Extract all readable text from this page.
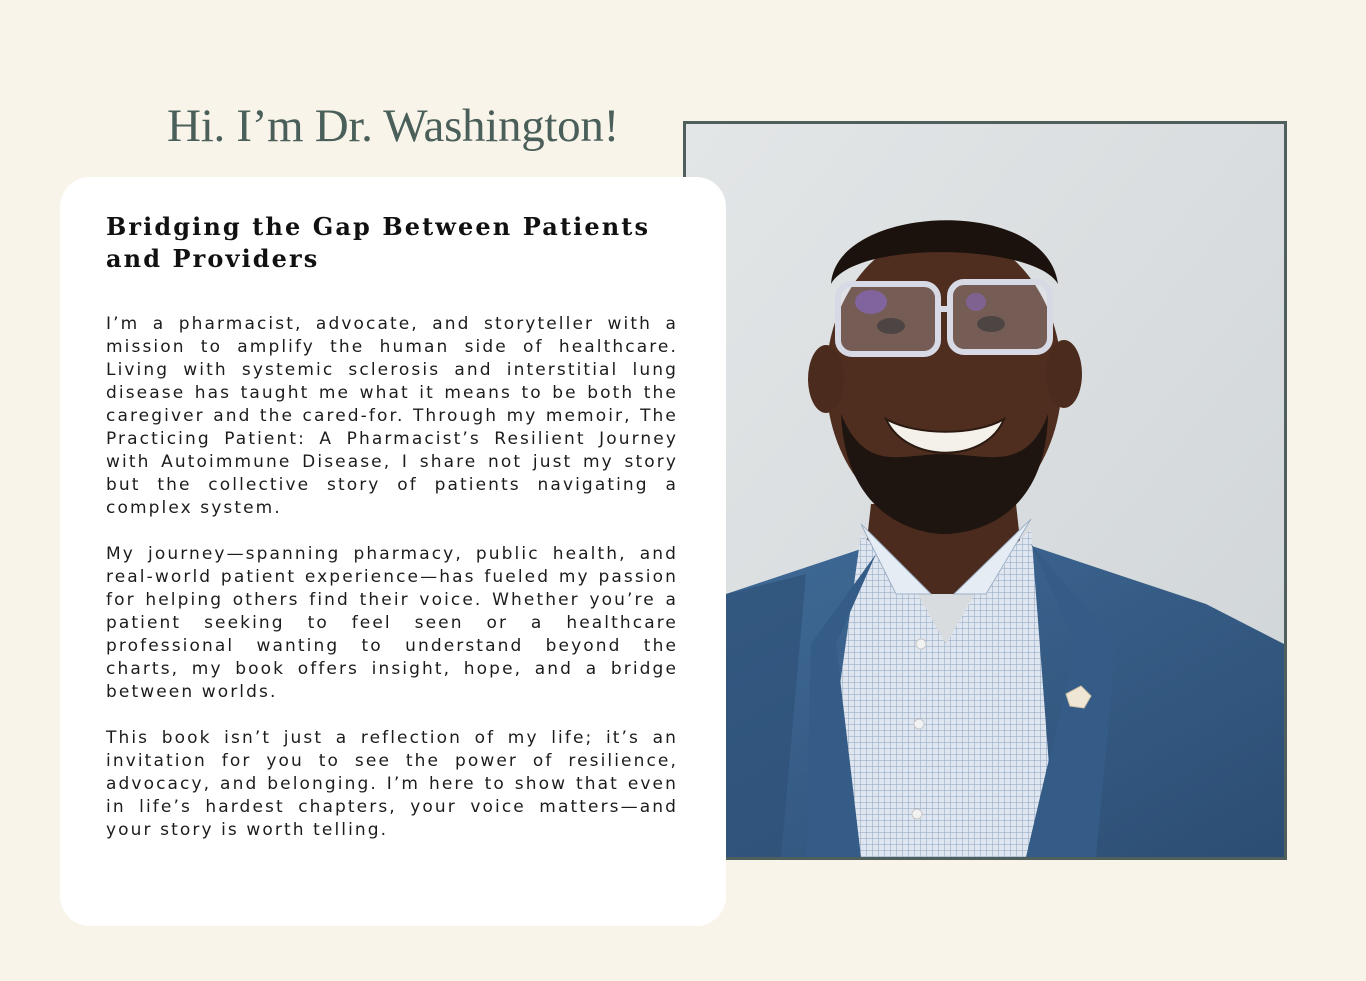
Hi. I’m Dr. Washington!
Bridging the Gap Between Patients and Providers

I’m a pharmacist, advocate, and storyteller with a mission to amplify the human side of healthcare. Living with systemic sclerosis and interstitial lung disease has taught me what it means to be both the caregiver and the cared-for. Through my memoir, The Practicing Patient: A Pharmacist’s Resilient Journey with Autoimmune Disease, I share not just my story but the collective story of patients navigating a complex system.

My journey—spanning pharmacy, public health, and real-world patient experience—has fueled my passion for helping others find their voice. Whether you’re a patient seeking to feel seen or a healthcare professional wanting to understand beyond the charts, my book offers insight, hope, and a bridge between worlds.

This book isn’t just a reflection of my life; it’s an invitation for you to see the power of resilience, advocacy, and belonging. I’m here to show that even in life’s hardest chapters, your voice matters—and your story is worth telling.
